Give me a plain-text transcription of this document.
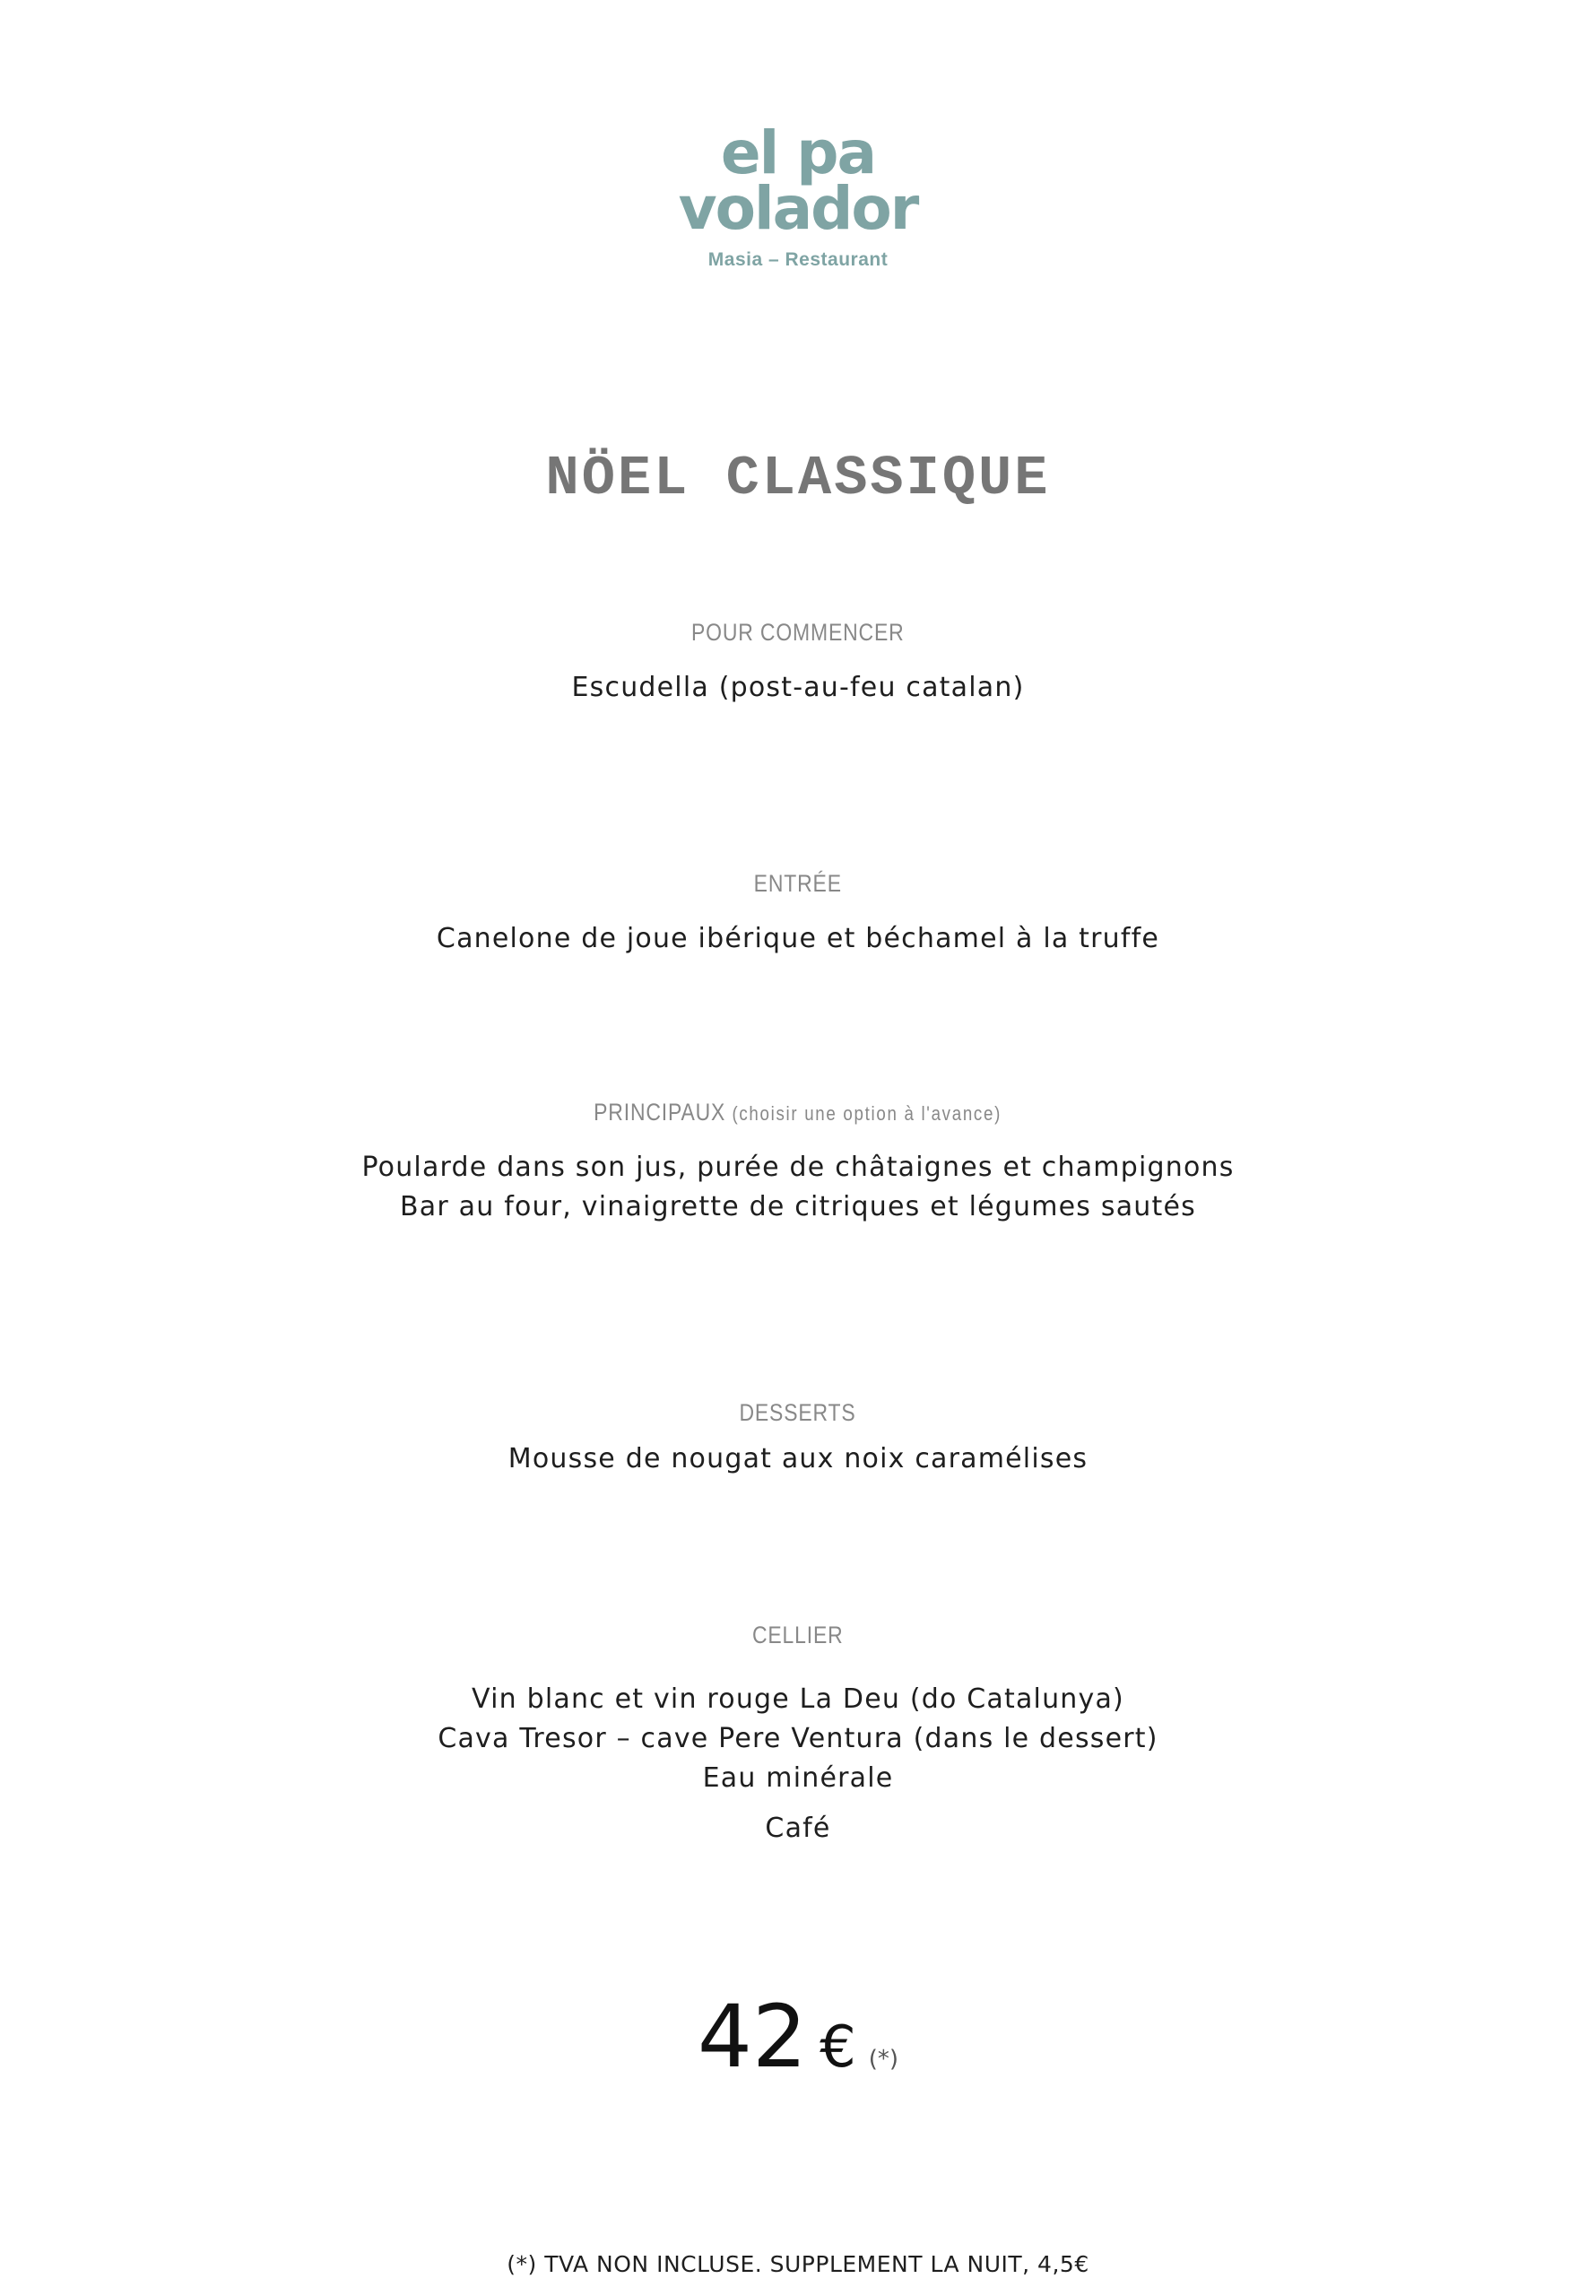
el pa
volador
Masia – Restaurant
NÖEL CLASSIQUE
POUR COMMENCER
Escudella (post-au-feu catalan)
ENTRÉE
Canelone de joue ibérique et béchamel à la truffe
PRINCIPAUX (choisir une option à l'avance)
Poularde dans son jus, purée de châtaignes et champignons
Bar au four, vinaigrette de citriques et légumes sautés
DESSERTS
Mousse de nougat aux noix caramélises
CELLIER
Vin blanc et vin rouge La Deu (do Catalunya)
Cava Tresor – cave Pere Ventura (dans le dessert)
Eau minérale
Café
42 € (*)
(*) TVA NON INCLUSE. SUPPLEMENT LA NUIT, 4,5€
